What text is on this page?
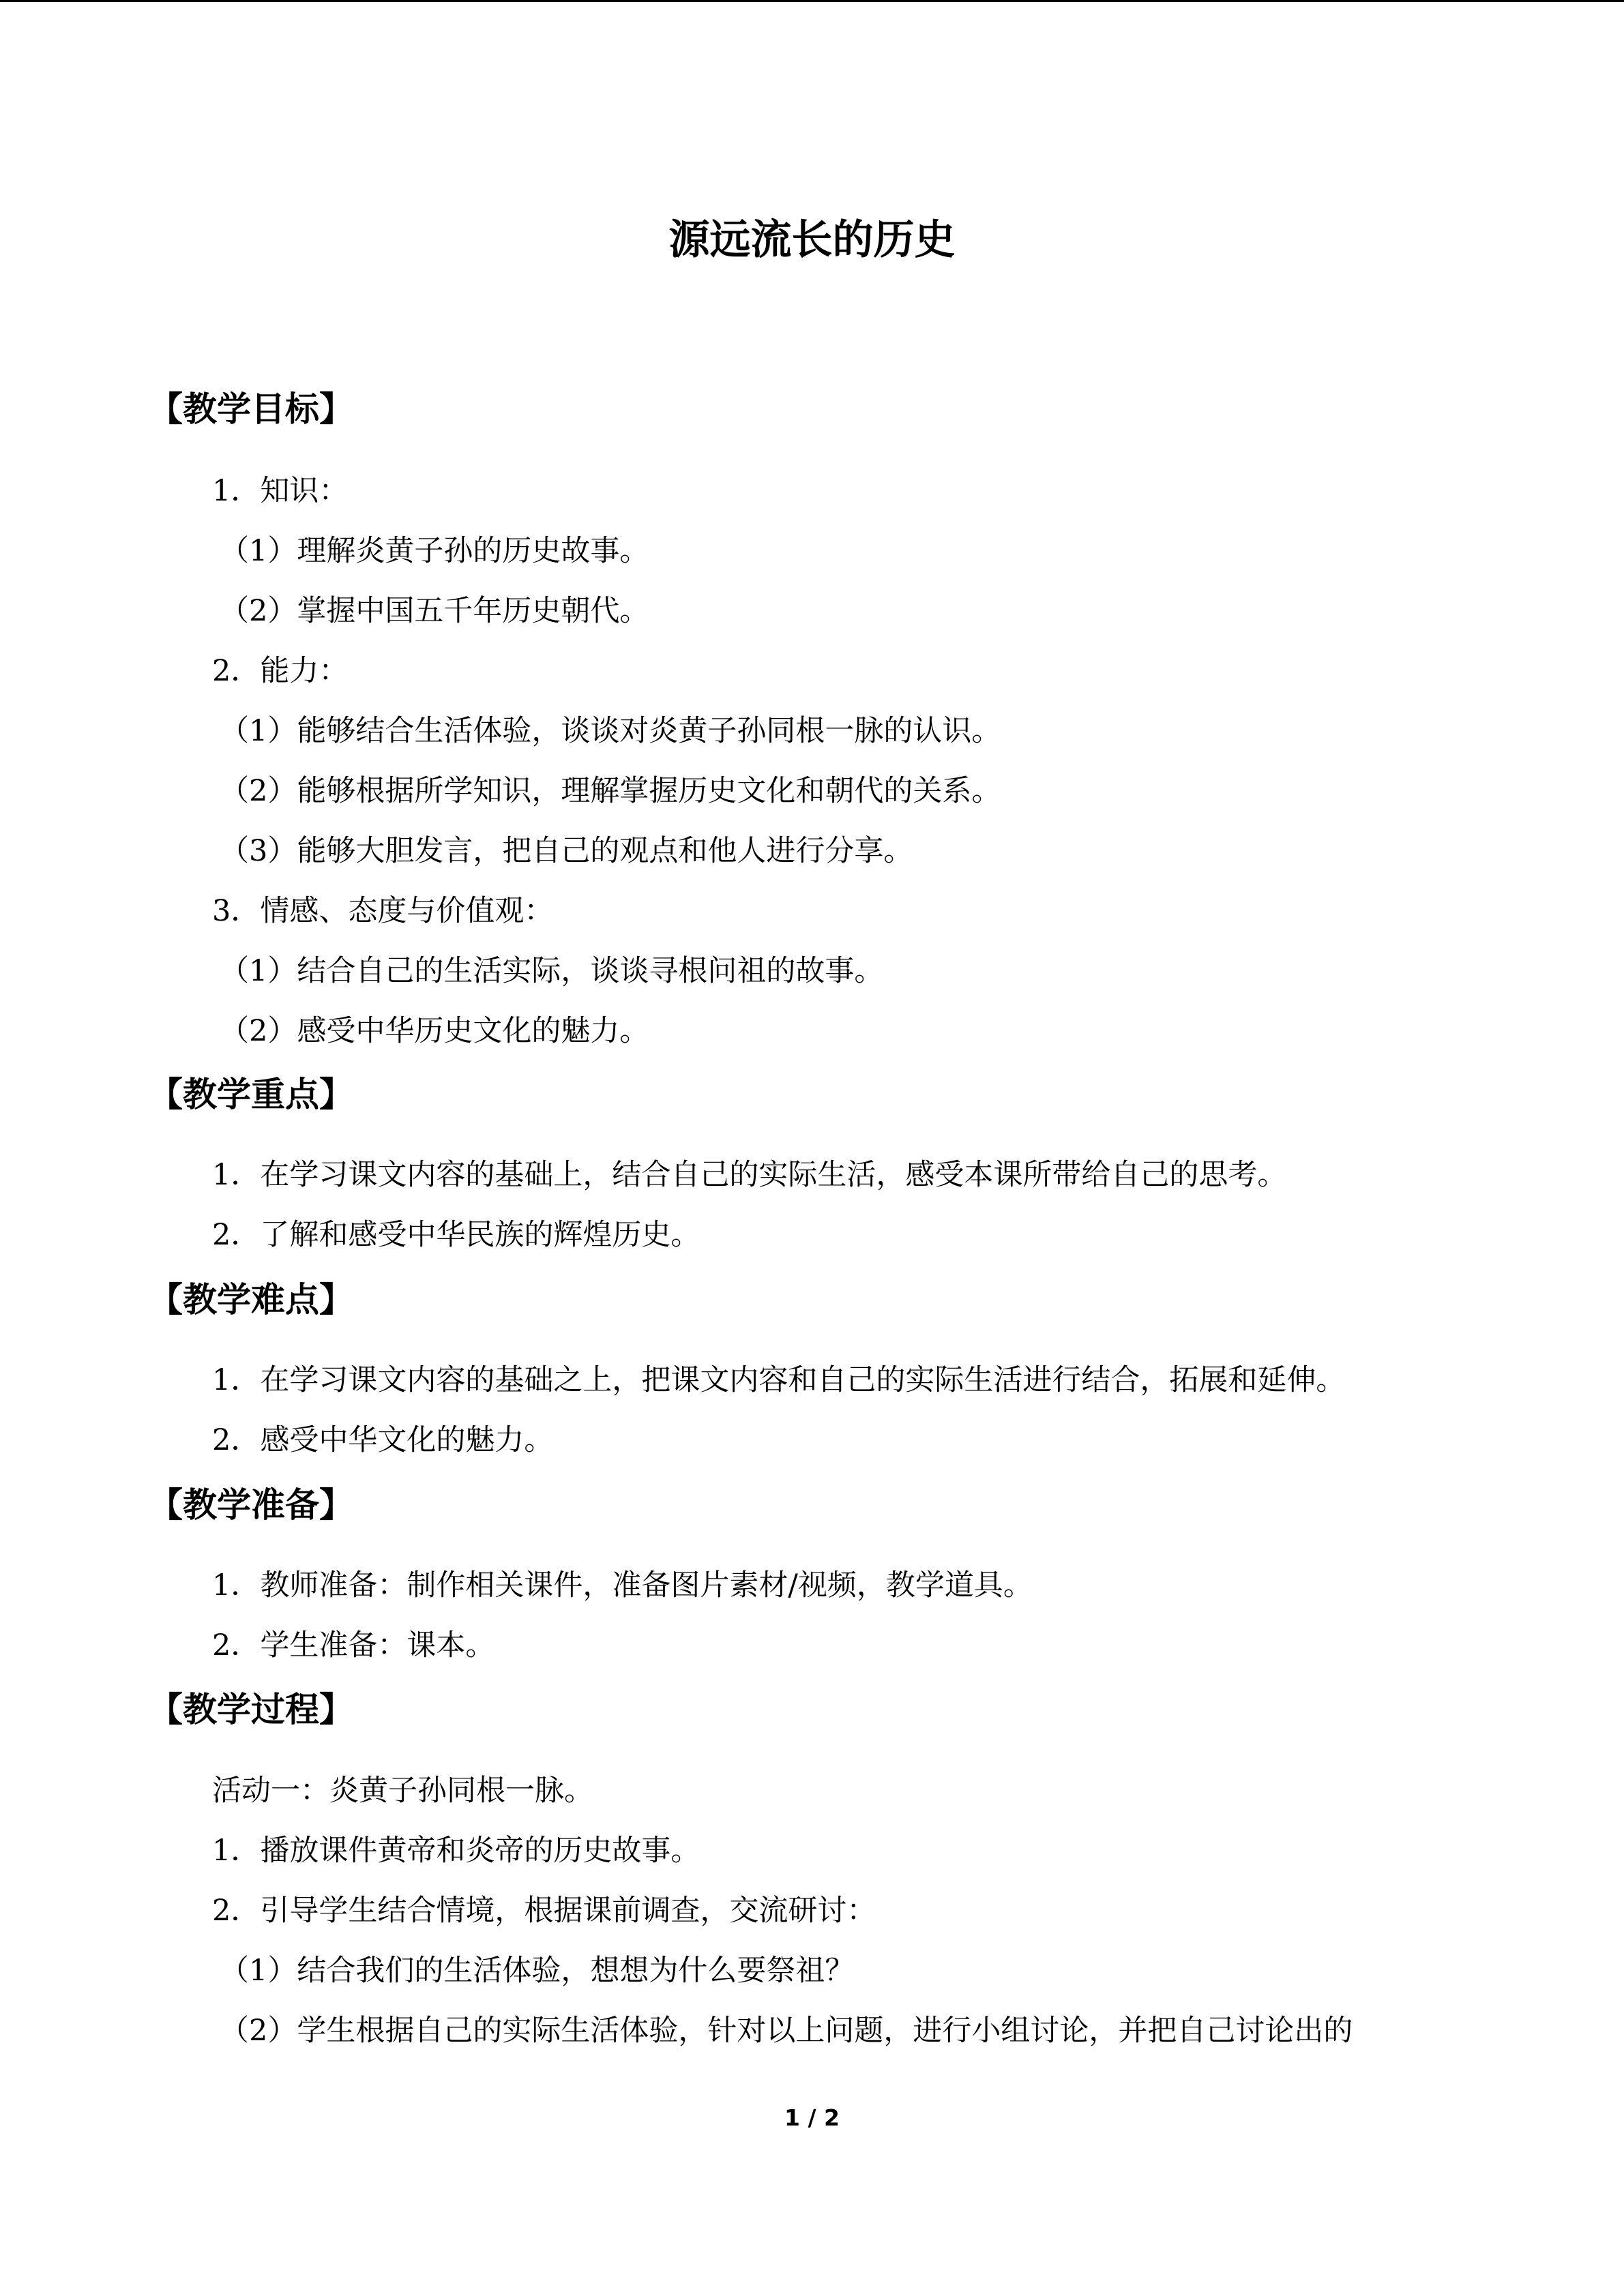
源远流长的历史
【教学目标】
1．知识：
（1）理解炎黄子孙的历史故事。
（2）掌握中国五千年历史朝代。
2．能力：
（1）能够结合生活体验，谈谈对炎黄子孙同根一脉的认识。
（2）能够根据所学知识，理解掌握历史文化和朝代的关系。
（3）能够大胆发言，把自己的观点和他人进行分享。
3．情感、态度与价值观：
（1）结合自己的生活实际，谈谈寻根问祖的故事。
（2）感受中华历史文化的魅力。
【教学重点】
1．在学习课文内容的基础上，结合自己的实际生活，感受本课所带给自己的思考。
2．了解和感受中华民族的辉煌历史。
【教学难点】
1．在学习课文内容的基础之上，把课文内容和自己的实际生活进行结合，拓展和延伸。
2．感受中华文化的魅力。
【教学准备】
1．教师准备：制作相关课件，准备图片素材/视频，教学道具。
2．学生准备：课本。
【教学过程】
活动一：炎黄子孙同根一脉。
1．播放课件黄帝和炎帝的历史故事。
2．引导学生结合情境，根据课前调查，交流研讨：
（1）结合我们的生活体验，想想为什么要祭祖？
（2）学生根据自己的实际生活体验，针对以上问题，进行小组讨论，并把自己讨论出的
1 / 2
